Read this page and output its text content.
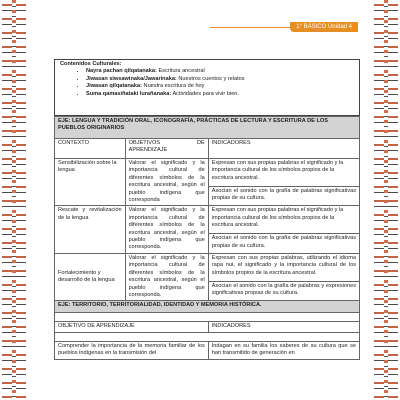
1° BÁSICO Unidad 4
Contenidos Culturales:
• Nayra pachan qilqatanaka: Escritura ancestral
• Jiwasan siwsawinaka/Jawarinaka: Nuestros cuentos y relatos
• Jiwasan qilqatanaka: Nuestra escritura de hoy
• Suma qamasiñataki lurañanaka: Actividades para vivir bien.
EJE: LENGUA Y TRADICIÓN ORAL, ICONOGRAFÍA, PRÁCTICAS DE LECTURA Y ESCRITURA DE LOS PUEBLOS ORIGINARIOS		
CONTEXTO	OBJETIVOS DE APRENDIZAJE	INDICADORES
Sensibilización sobre la lengua	Valorar el significado y la importancia cultural de diferentes símbolos de la escritura ancestral, según el pueblo indígena que corresponda	Expresan con sus propias palabras el significado y la importancia cultural de los símbolos propios de la escritura ancestral.
		Asocian el sonido con la grafía de palabras significativas propias de su cultura.
Rescate y revitalización de la lengua	Valorar el significado y la importancia cultural de diferentes símbolos de la escritura ancestral, según el pueblo indígena que corresponda.	Expresan con sus propias palabras el significado y la importancia cultural de los símbolos propios de la escritura ancestral.
		Asocian el sonido con la grafía de palabras significativas propias de su cultura.
Fortalecimiento y desarrollo de la lengua	Valorar el significado y la importancia cultural de diferentes símbolos de la escritura ancestral, según el pueblo indígena que corresponda.	Expresan con sus propias palabras, utilizando el idioma rapa nui, el significado y la importancia cultural de los símbolos propios de la escritura ancestral.
		Asocian el sonido con la grafía de palabras y expresiones significativas propias de su cultura.
EJE: TERRITORIO, TERRITORIALIDAD, IDENTIDAD Y MEMORIA HISTÓRICA.		

OBJETIVO DE APRENDIZAJE		INDICADORES

Comprender la importancia de la memoria familiar de los pueblos indígenas en la transmisión del		Indagan en su familia los saberes de su cultura que se han transmitido de generación en
